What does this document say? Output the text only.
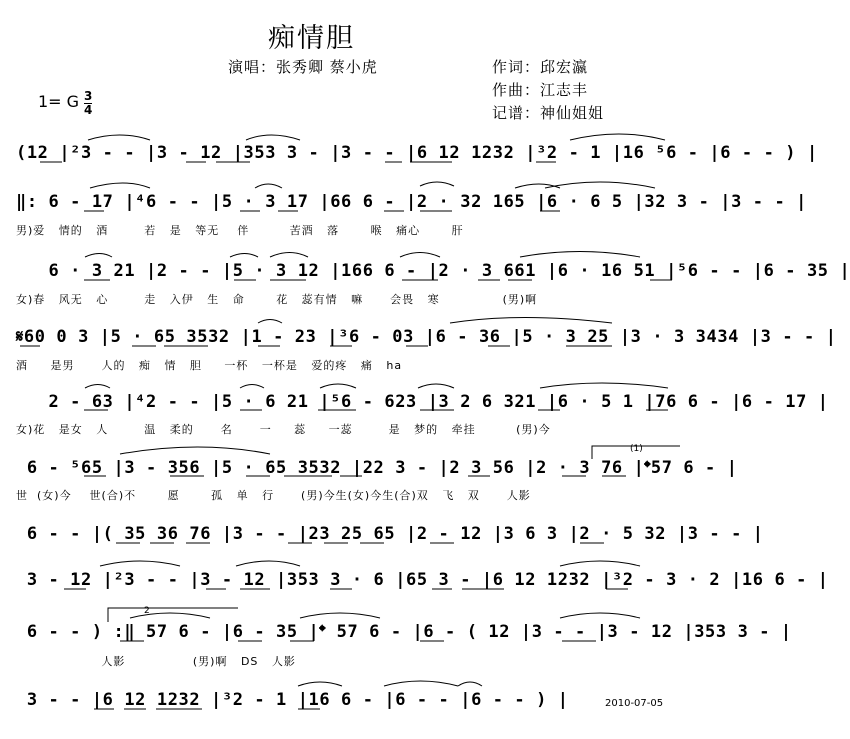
痴情胆
演唱：张秀卿 蔡小虎	作词：邱宏瀛
作曲：江志丰
记谱：神仙姐姐
1= G $\frac{3}{4}$
(12 |²3 - - |3 - 12 |353 3 - |3 - - |6 12 1232 |³2 - 1 |16 ⁵6 - |6 - - ) |
‖: 6 - 17 |⁴6 - - |5 · 3 17 |66 6 - |2 · 32 165 |6 · 6 5 |32 3 - |3 - - |
男)爱   情的   酒        若   是   等无    伴         苦酒   落       喉   痛心       肝
6 · 3 21 |2 - - |5 · 3 12 |166 6 - |2 · 3 661 |6 · 16 51 |⁵6 - - |6 - 35 |
女)春   风无   心        走   入伊   生   命       花   蕊有情   嘛      会畏   寒              (男)啊
𝄋60 0 3 |5 · 65 3532 |1 - 23 |³6 - 03 |6 - 36 |5 · 3 25 |3 · 3 3434 |3 - - |
酒     是男      人的   痴   情   胆     一杯   一杯是   爱的疼   痛   ha
2 - 63 |⁴2 - - |5 · 6 21 |⁵6 - 623 |3 2 6 321 |6 · 5 1 |76 6 - |6 - 17 |
女)花   是女   人        温   柔的      名      一     蕊     一蕊        是   梦的   牵挂         (男)今
6 - ⁵65 |3 - 356 |5 · 65 3532 |22 3 - |2 3 56 |2 · 3 76 |𝄌57 6 - |
世  (女)今    世(合)不       愿       孤   单   行      (男)今生(女)今生(合)双   飞   双      人影
6 - - |( 35 36 76 |3 - - |23 25 65 |2 - 12 |3 6 3 |2 · 5 32 |3 - - |
3 - 12 |²3 - - |3 - 12 |353 3 · 6 |65 3 - |6 12 1232 |³2 - 3 · 2 |16 6 - |
6 - - ) :‖ 57 6 - |6 - 35 |𝄌 57 6 - |6 - ( 12 |3 - - |3 - 12 |353 3 - |
人影               (男)啊   DS   人影
3 - - |6 12 1232 |³2 - 1 |16 6 - |6 - - |6 - - ) |	2010-07-05
(1)
2
